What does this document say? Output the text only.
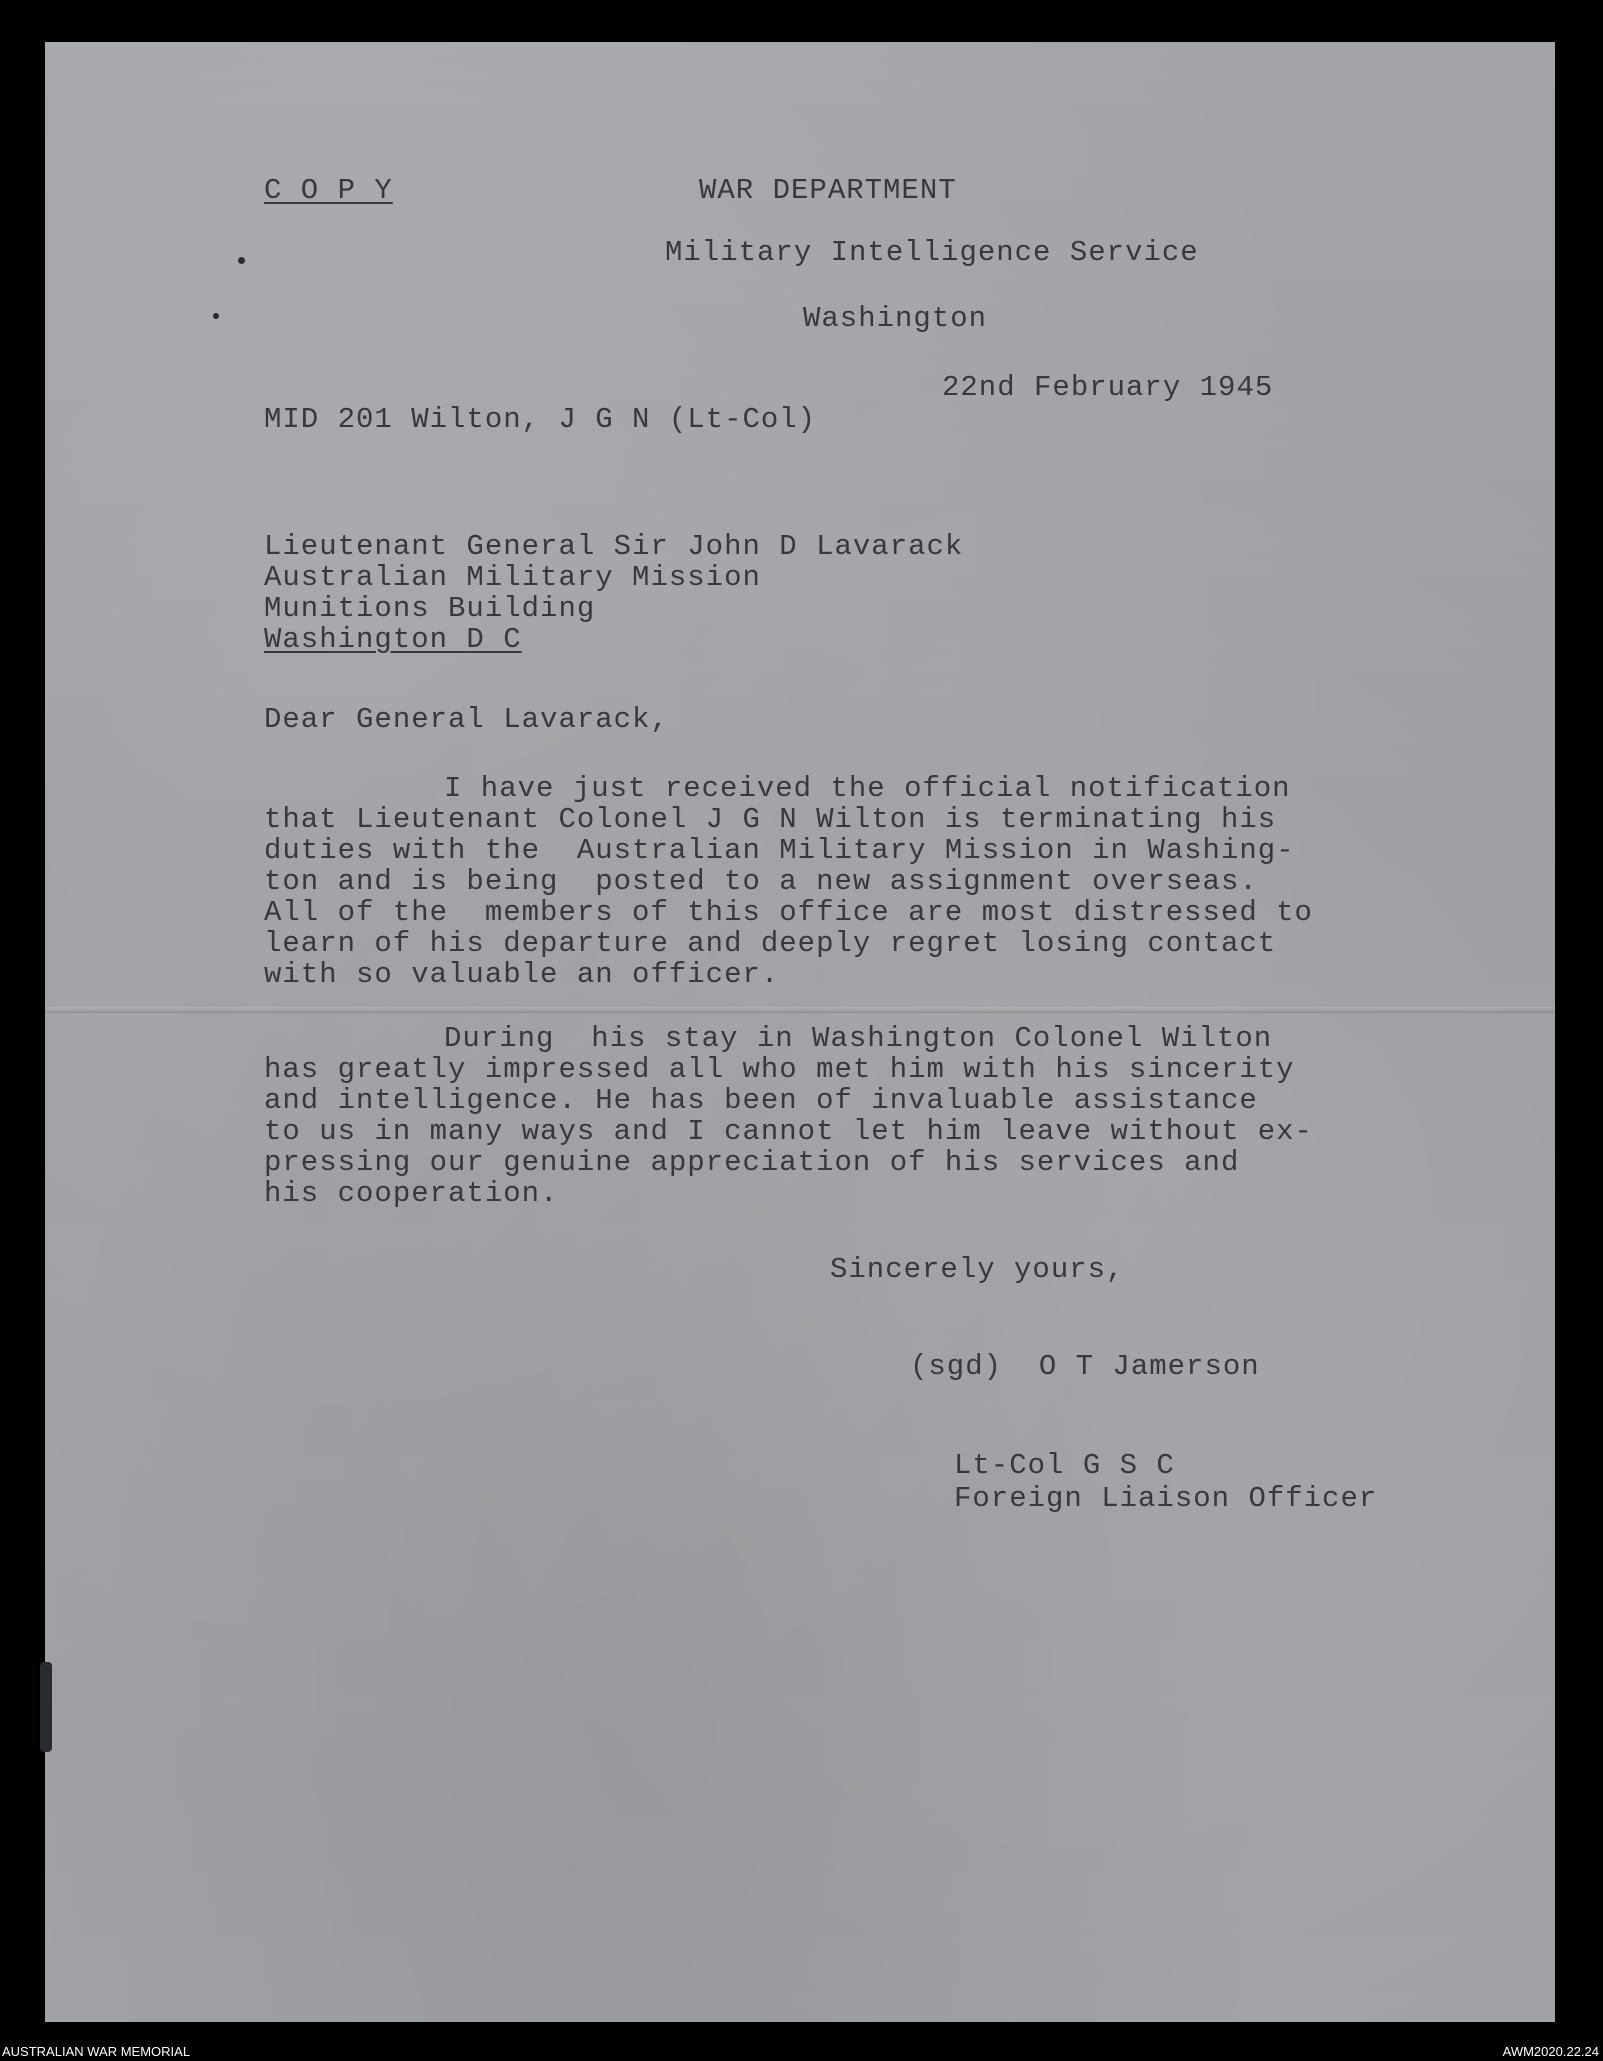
C O P Y	WAR DEPARTMENT
Military Intelligence Service
Washington
22nd February 1945
MID 201 Wilton, J G N (Lt-Col)
Lieutenant General Sir John D Lavarack
Australian Military Mission
Munitions Building
Washington D C
Dear General Lavarack,
I have just received the official notification
that Lieutenant Colonel J G N Wilton is terminating his
duties with the  Australian Military Mission in Washing-
ton and is being  posted to a new assignment overseas.
All of the  members of this office are most distressed to
learn of his departure and deeply regret losing contact
with so valuable an officer.
During  his stay in Washington Colonel Wilton
has greatly impressed all who met him with his sincerity
and intelligence. He has been of invaluable assistance
to us in many ways and I cannot let him leave without ex-
pressing our genuine appreciation of his services and
his cooperation.
Sincerely yours,
(sgd)  O T Jamerson
Lt-Col G S C
Foreign Liaison Officer
AUSTRALIAN WAR MEMORIAL	AWM2020.22.24
